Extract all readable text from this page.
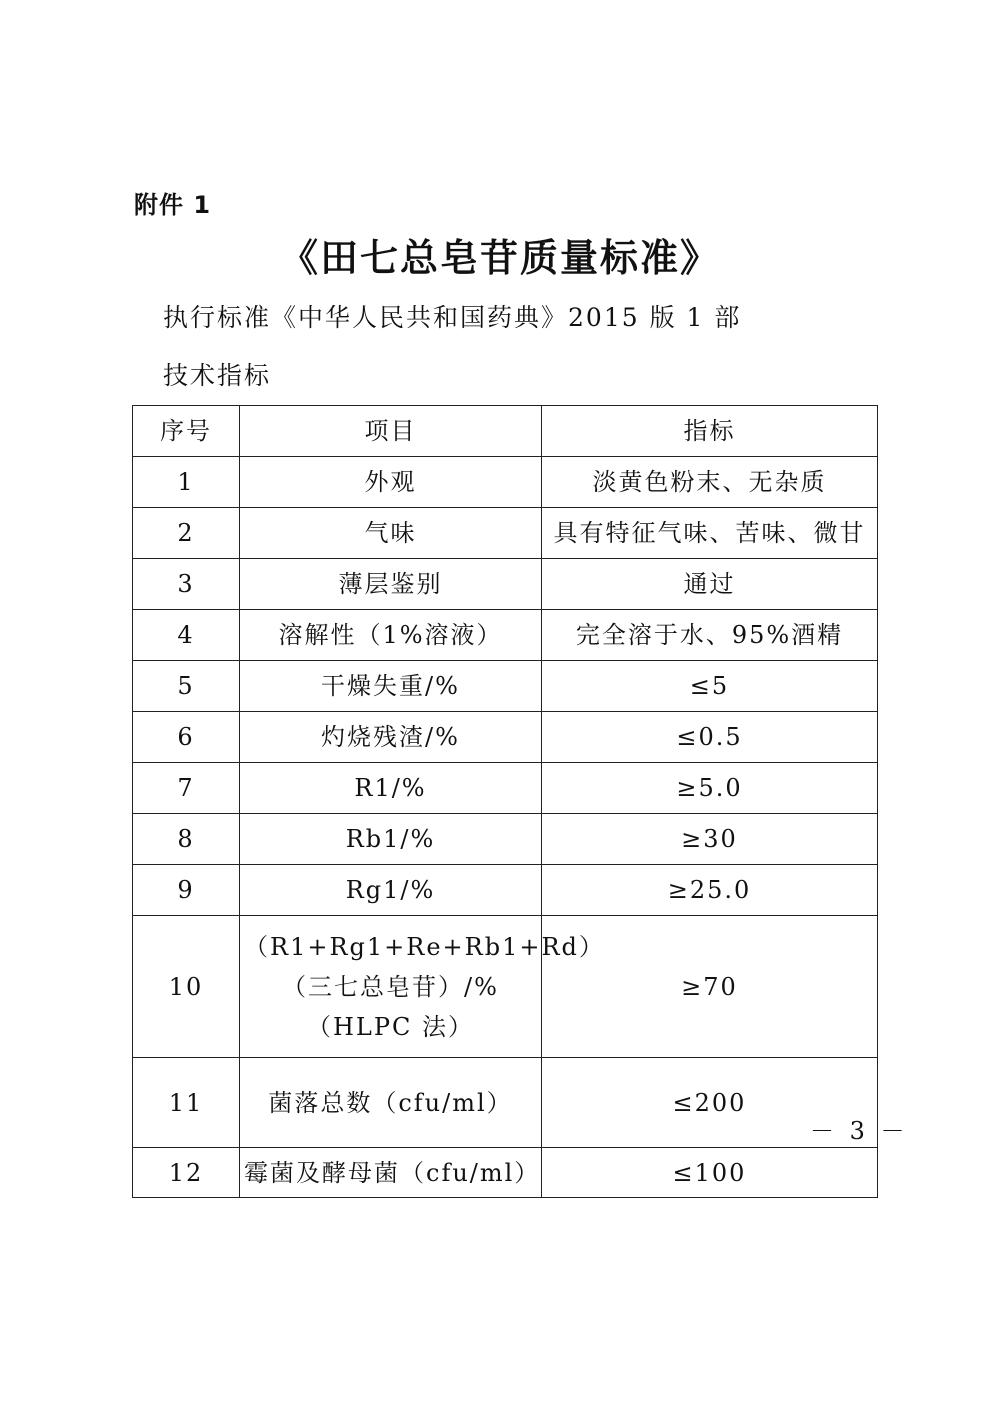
附件 1
《田七总皂苷质量标准》
执行标准《中华人民共和国药典》2015 版 1 部
技术指标
序号	项目	指标
1	外观	淡黄色粉末、无杂质
2	气味	具有特征气味、苦味、微甘
3	薄层鉴别	通过
4	溶解性（1%溶液）	完全溶于水、95%酒精
5	干燥失重/%	≤5
6	灼烧残渣/%	≤0.5
7	R1/%	≥5.0
8	Rb1/%	≥30
9	Rg1/%	≥25.0
10	（R1+Rg1+Re+Rb1+Rd）（三七总皂苷）/%（HLPC 法）	≥70
11	菌落总数（cfu/ml）	≤200
12	霉菌及酵母菌（cfu/ml）	≤100
－ 3 －
